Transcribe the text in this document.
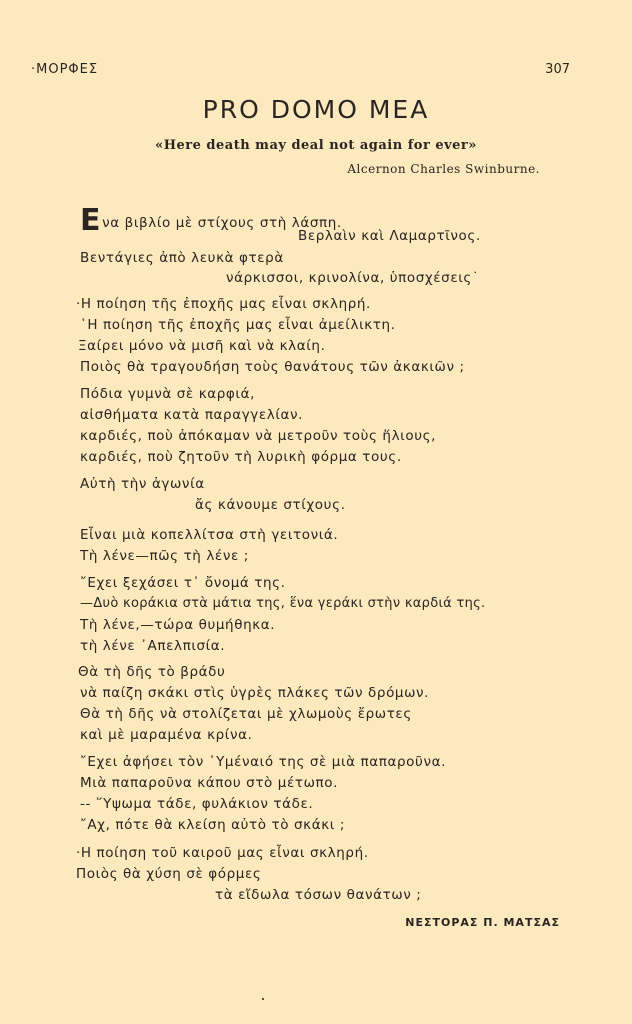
·ΜΟΡΦΕΣ	307
PRO DOMO MEA
«Here death may deal not again for ever»
Alcernon Charles Swinburne.
Ενα βιβλίο μὲ στίχους στὴ λάσπη.
Βερλαὶν καὶ Λαμαρτῖνος.
Βεντάγιες ἀπὸ λευκὰ φτερὰ
νάρκισσοι, κρινολίνα, ὑποσχέσεις˙
·Η ποίηση τῆς ἐποχῆς μας εἶναι σκληρή.
῾Η ποίηση τῆς ἐποχῆς μας εἶναι ἀμείλικτη.
Ξαίρει μόνο νὰ μισῆ καὶ νὰ κλαίη.
Ποιὸς θὰ τραγουδήση τοὺς θανάτους τῶν ἀκακιῶν ;
Πόδια γυμνὰ σὲ καρφιά,
αἰσθήματα κατὰ παραγγελίαν.
καρδιές, ποὺ ἀπόκαμαν νὰ μετροῦν τοὺς ἥλιους,
καρδιές, ποὺ ζητοῦν τὴ λυρικὴ φόρμα τους.
Αὐτὴ τὴν ἀγωνία
ἄς κάνουμε στίχους.
Εἶναι μιὰ κοπελλίτσα στὴ γειτονιά.
Τὴ λένε—πῶς τὴ λένε ;
῎Εχει ξεχάσει τ᾽ ὄνομά της.
—Δυὸ κοράκια στὰ μάτια της, ἕνα γεράκι στὴν καρδιά της.
Τὴ λένε,—τώρα θυμήθηκα.
τὴ λένε ᾽Απελπισία.
Θὰ τὴ δῆς τὸ βράδυ
νὰ παίζη σκάκι στὶς ὑγρὲς πλάκες τῶν δρόμων.
Θὰ τὴ δῆς νὰ στολίζεται μὲ χλωμοὺς ἔρωτες
καὶ μὲ μαραμένα κρίνα.
῎Εχει ἀφήσει τὸν ῾Υμέναιό της σὲ μιὰ παπαροῦνα.
Μιὰ παπαροῦνα κάπου στὸ μέτωπο.
-- ῞Υψωμα τάδε, φυλάκιον τάδε.
῎Αχ, πότε θὰ κλείση αὐτὸ τὸ σκάκι ;
·Η ποίηση τοῦ καιροῦ μας εἶναι σκληρή.
Ποιὸς θὰ χύση σὲ φόρμες
τὰ εἴδωλα τόσων θανάτων ;
ΝΕΣΤΟΡΑΣ Π. ΜΑΤΣΑΣ
